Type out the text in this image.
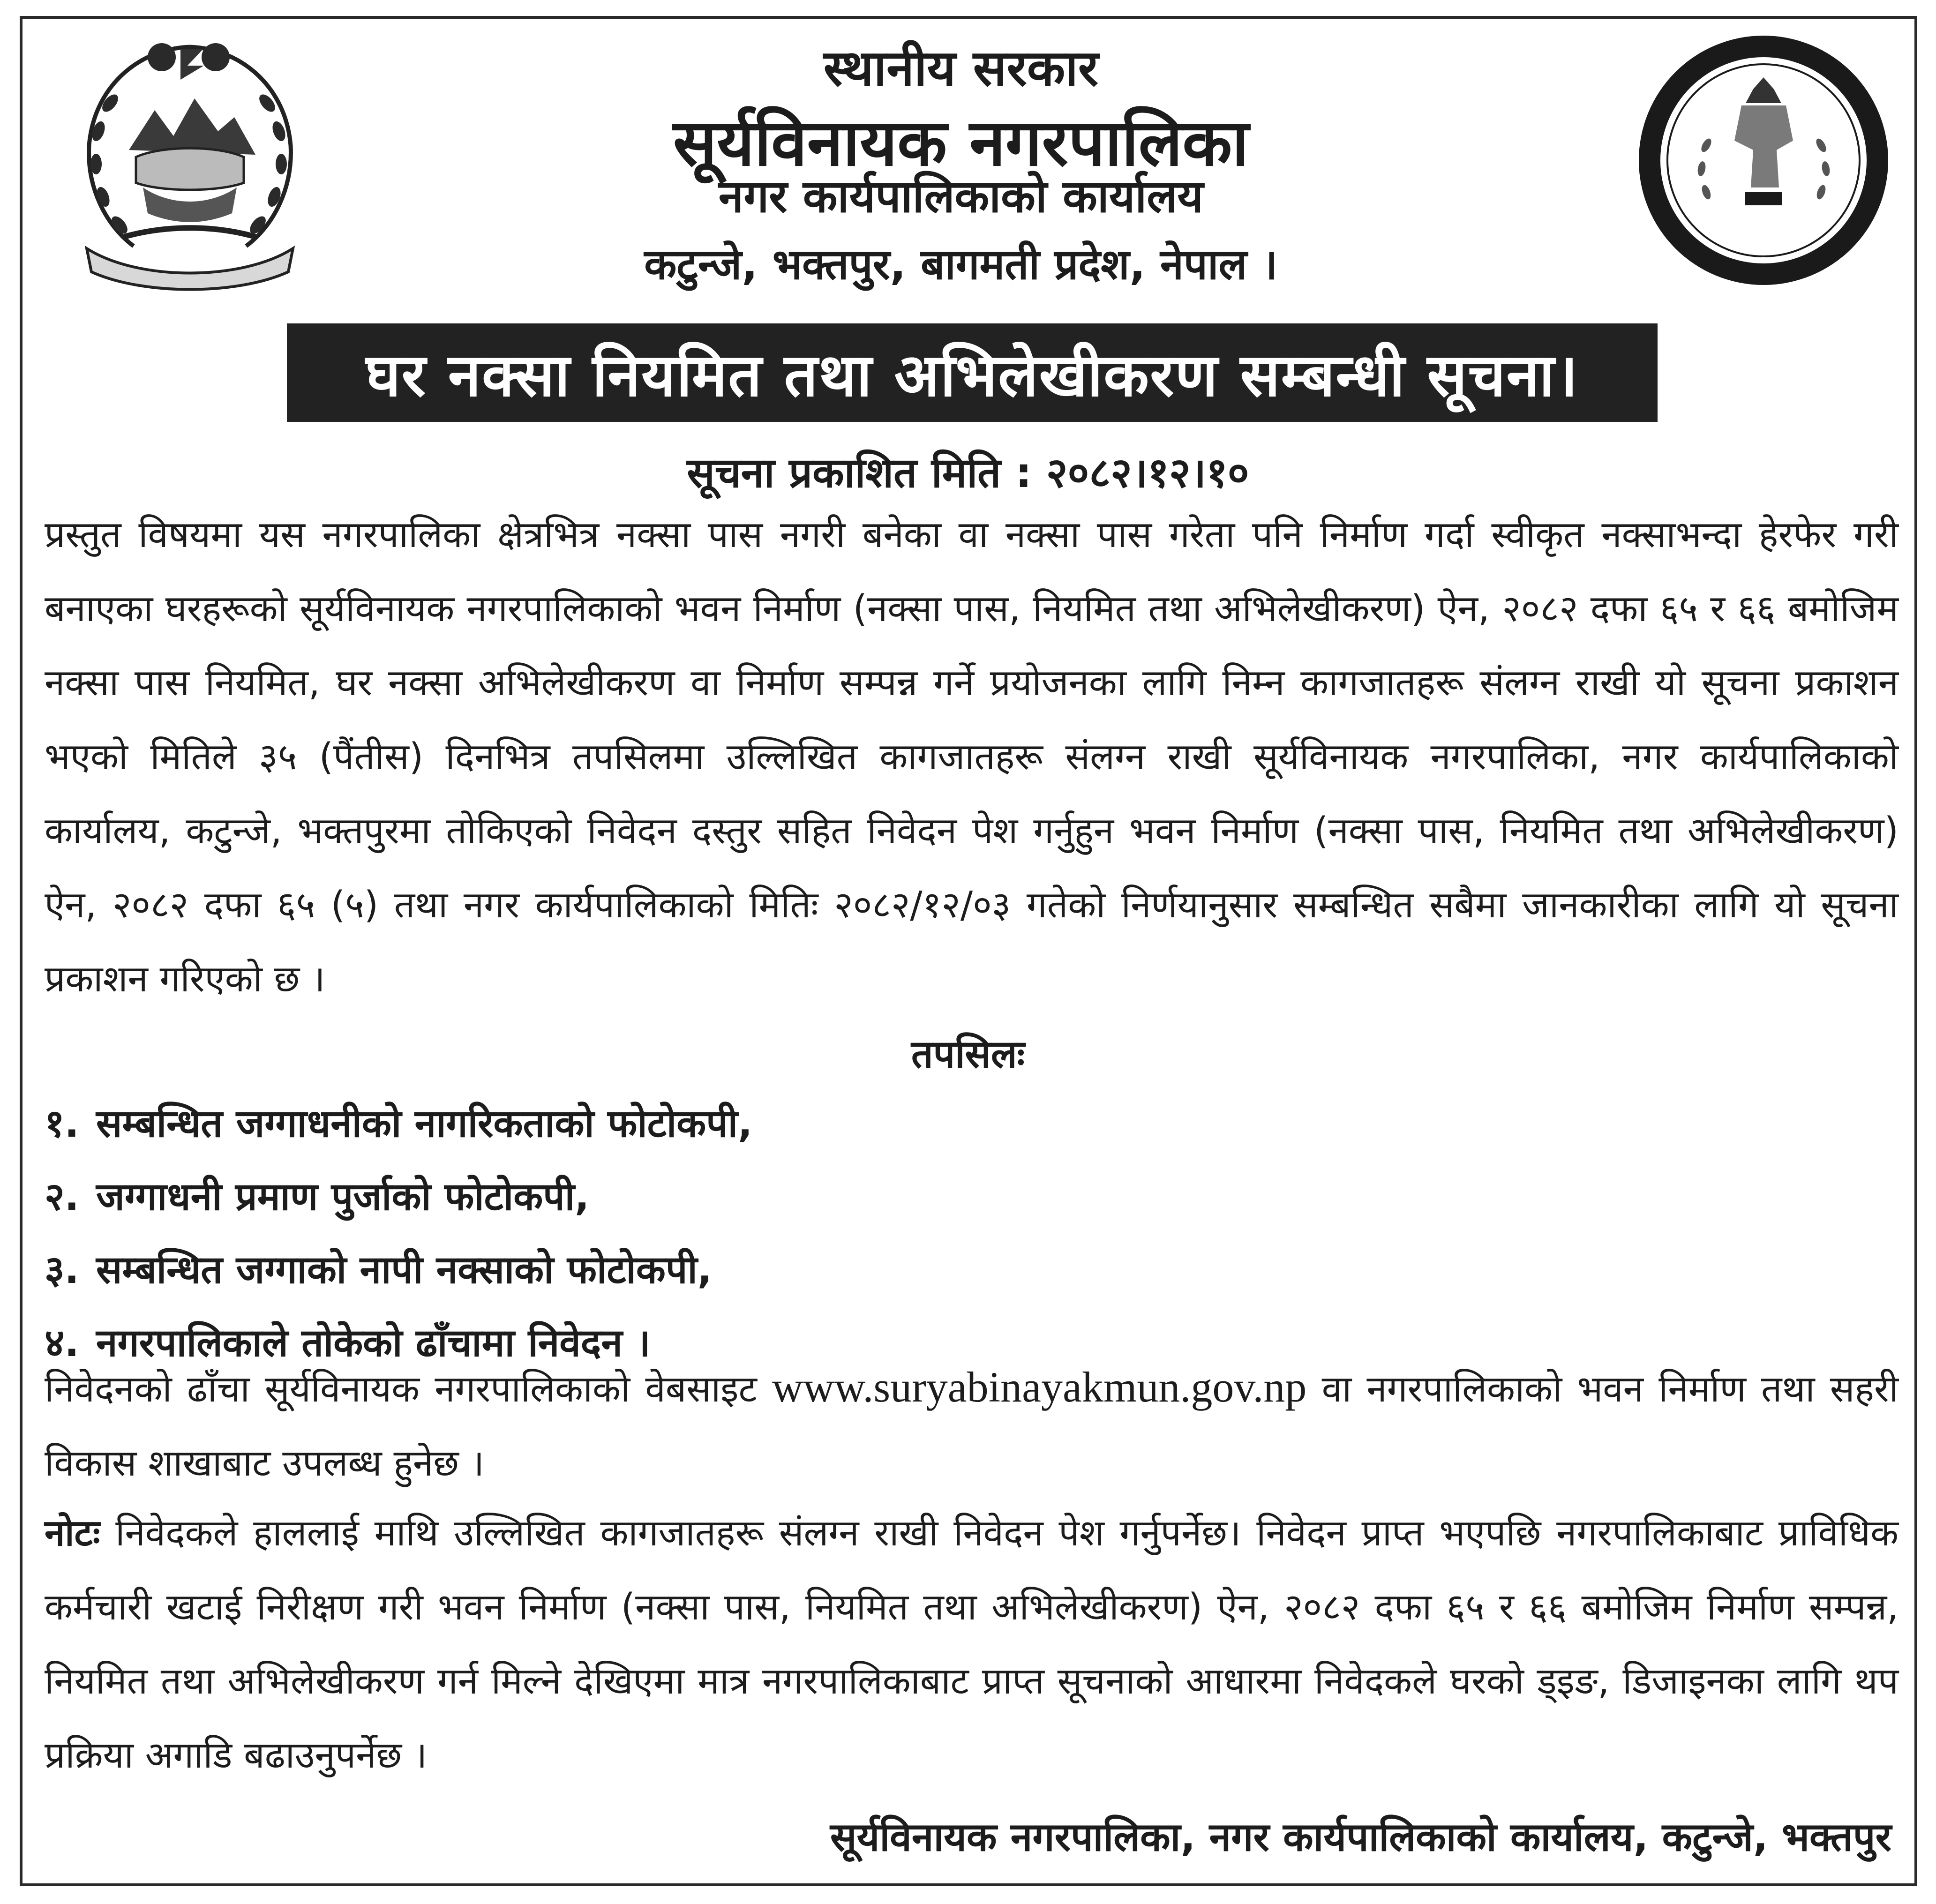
स्थानीय सरकार

सूर्यविनायक नगरपालिका

नगर कार्यपालिकाको कार्यालय

कटुन्जे, भक्तपुर, बागमती प्रदेश, नेपाल ।

घर नक्सा नियमित तथा अभिलेखीकरण सम्बन्धी सूचना।

सूचना प्रकाशित मिति : २०८२।१२।१०

प्रस्तुत विषयमा यस नगरपालिका क्षेत्रभित्र नक्सा पास नगरी बनेका वा नक्सा पास गरेता पनि निर्माण गर्दा स्वीकृत नक्साभन्दा हेरफेर गरी बनाएका घरहरूको सूर्यविनायक नगरपालिकाको भवन निर्माण (नक्सा पास, नियमित तथा अभिलेखीकरण) ऐन, २०८२ दफा ६५ र ६६ बमोजिम नक्सा पास नियमित, घर नक्सा अभिलेखीकरण वा निर्माण सम्पन्न गर्ने प्रयोजनका लागि निम्न कागजातहरू संलग्न राखी यो सूचना प्रकाशन भएको मितिले ३५ (पैंतीस) दिनभित्र तपसिलमा उल्लिखित कागजातहरू संलग्न राखी सूर्यविनायक नगरपालिका, नगर कार्यपालिकाको कार्यालय, कटुन्जे, भक्तपुरमा तोकिएको निवेदन दस्तुर सहित निवेदन पेश गर्नुहुन भवन निर्माण (नक्सा पास, नियमित तथा अभिलेखीकरण) ऐन, २०८२ दफा ६५ (५) तथा नगर कार्यपालिकाको मितिः २०८२/१२/०३ गतेको निर्णयानुसार सम्बन्धित सबैमा जानकारीका लागि यो सूचना प्रकाशन गरिएको छ ।

तपसिलः

१. सम्बन्धित जग्गाधनीको नागरिकताको फोटोकपी,
२. जग्गाधनी प्रमाण पुर्जाको फोटोकपी,
३. सम्बन्धित जग्गाको नापी नक्साको फोटोकपी,
४. नगरपालिकाले तोकेको ढाँचामा निवेदन ।

निवेदनको ढाँचा सूर्यविनायक नगरपालिकाको वेबसाइट www.suryabinayakmun.gov.np वा नगरपालिकाको भवन निर्माण तथा सहरी विकास शाखाबाट उपलब्ध हुनेछ ।

नोटः निवेदकले हाललाई माथि उल्लिखित कागजातहरू संलग्न राखी निवेदन पेश गर्नुपर्नेछ। निवेदन प्राप्त भएपछि नगरपालिकाबाट प्राविधिक कर्मचारी खटाई निरीक्षण गरी भवन निर्माण (नक्सा पास, नियमित तथा अभिलेखीकरण) ऐन, २०८२ दफा ६५ र ६६ बमोजिम निर्माण सम्पन्न, नियमित तथा अभिलेखीकरण गर्न मिल्ने देखिएमा मात्र नगरपालिकाबाट प्राप्त सूचनाको आधारमा निवेदकले घरको ड्इङ, डिजाइनका लागि थप प्रक्रिया अगाडि बढाउनुपर्नेछ ।

सूर्यविनायक नगरपालिका, नगर कार्यपालिकाको कार्यालय, कटुन्जे, भक्तपुर
